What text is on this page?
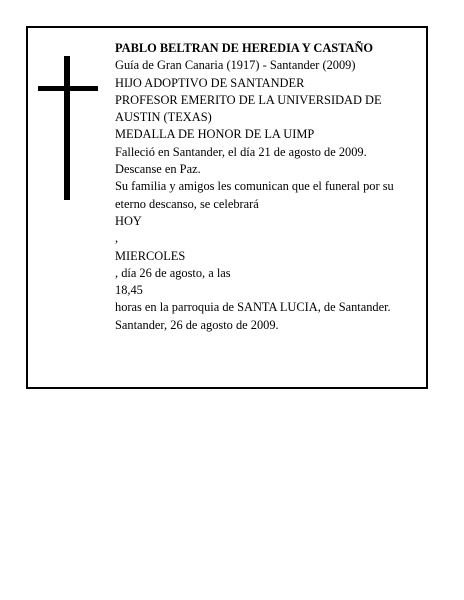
PABLO BELTRAN DE HEREDIA Y CASTAÑO
Guía de Gran Canaria (1917) - Santander (2009)
HIJO ADOPTIVO DE SANTANDER
PROFESOR EMERITO DE LA UNIVERSIDAD DE AUSTIN (TEXAS)
MEDALLA DE HONOR DE LA UIMP
Falleció en Santander, el día 21 de agosto de 2009.
Descanse en Paz.
Su familia y amigos les comunican que el funeral por su eterno descanso, se celebrará
HOY
,
MIERCOLES
, día 26 de agosto, a las
18,45
horas en la parroquia de SANTA LUCIA, de Santander.
Santander, 26 de agosto de 2009.
